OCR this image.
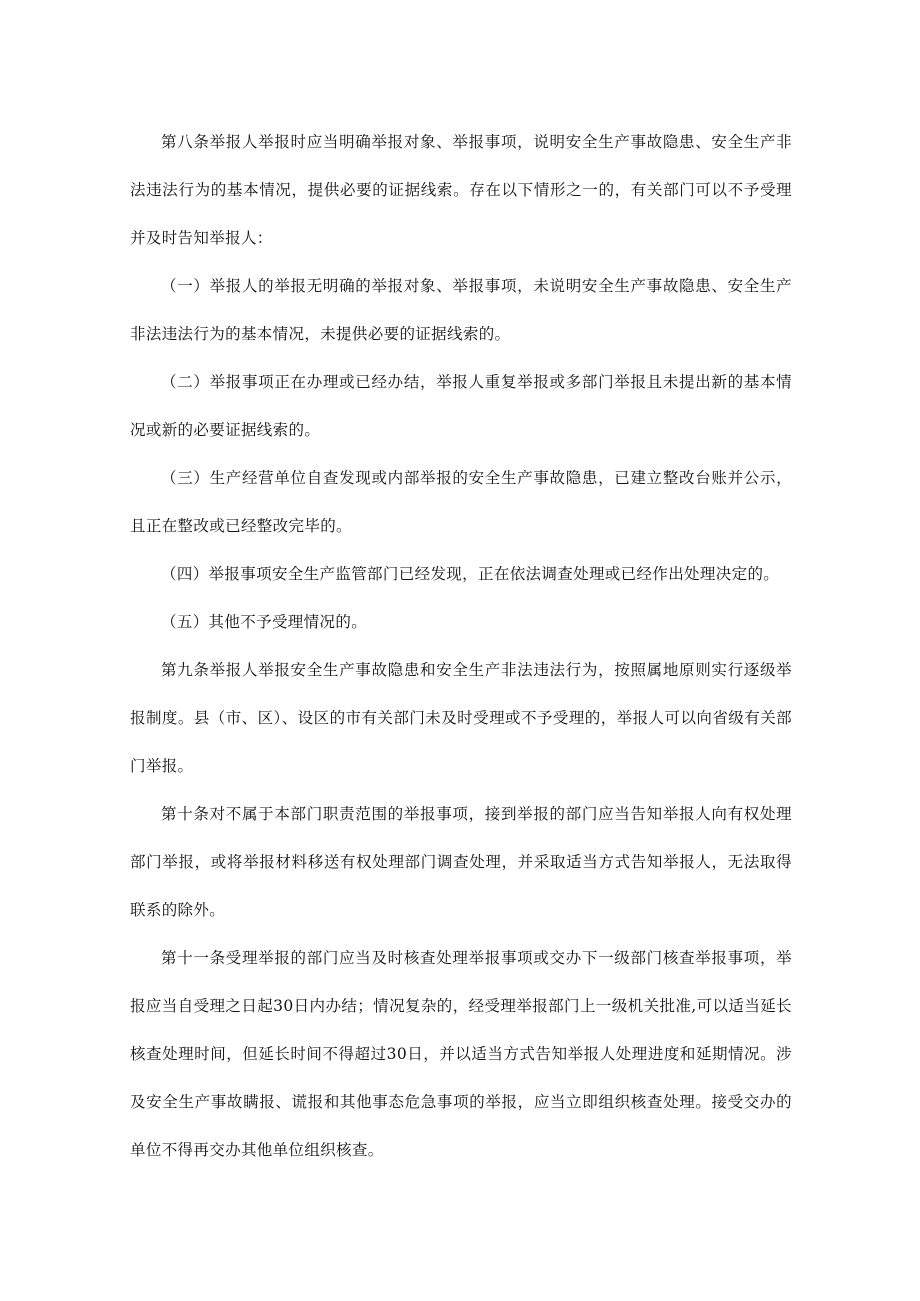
第八条举报人举报时应当明确举报对象、举报事项，说明安全生产事故隐患、安全生产非法违法行为的基本情况，提供必要的证据线索。存在以下情形之一的，有关部门可以不予受理并及时告知举报人：

（一）举报人的举报无明确的举报对象、举报事项，未说明安全生产事故隐患、安全生产非法违法行为的基本情况，未提供必要的证据线索的。

（二）举报事项正在办理或已经办结，举报人重复举报或多部门举报且未提出新的基本情况或新的必要证据线索的。

（三）生产经营单位自查发现或内部举报的安全生产事故隐患，已建立整改台账并公示，且正在整改或已经整改完毕的。

（四）举报事项安全生产监管部门已经发现，正在依法调查处理或已经作出处理决定的。

（五）其他不予受理情况的。

第九条举报人举报安全生产事故隐患和安全生产非法违法行为，按照属地原则实行逐级举报制度。县（市、区）、设区的市有关部门未及时受理或不予受理的，举报人可以向省级有关部门举报。

第十条对不属于本部门职责范围的举报事项，接到举报的部门应当告知举报人向有权处理部门举报，或将举报材料移送有权处理部门调查处理，并采取适当方式告知举报人，无法取得联系的除外。

第十一条受理举报的部门应当及时核查处理举报事项或交办下一级部门核查举报事项，举报应当自受理之日起30日内办结；情况复杂的，经受理举报部门上一级机关批准,可以适当延长核查处理时间，但延长时间不得超过30日，并以适当方式告知举报人处理进度和延期情况。涉及安全生产事故瞒报、谎报和其他事态危急事项的举报，应当立即组织核查处理。接受交办的单位不得再交办其他单位组织核查。
